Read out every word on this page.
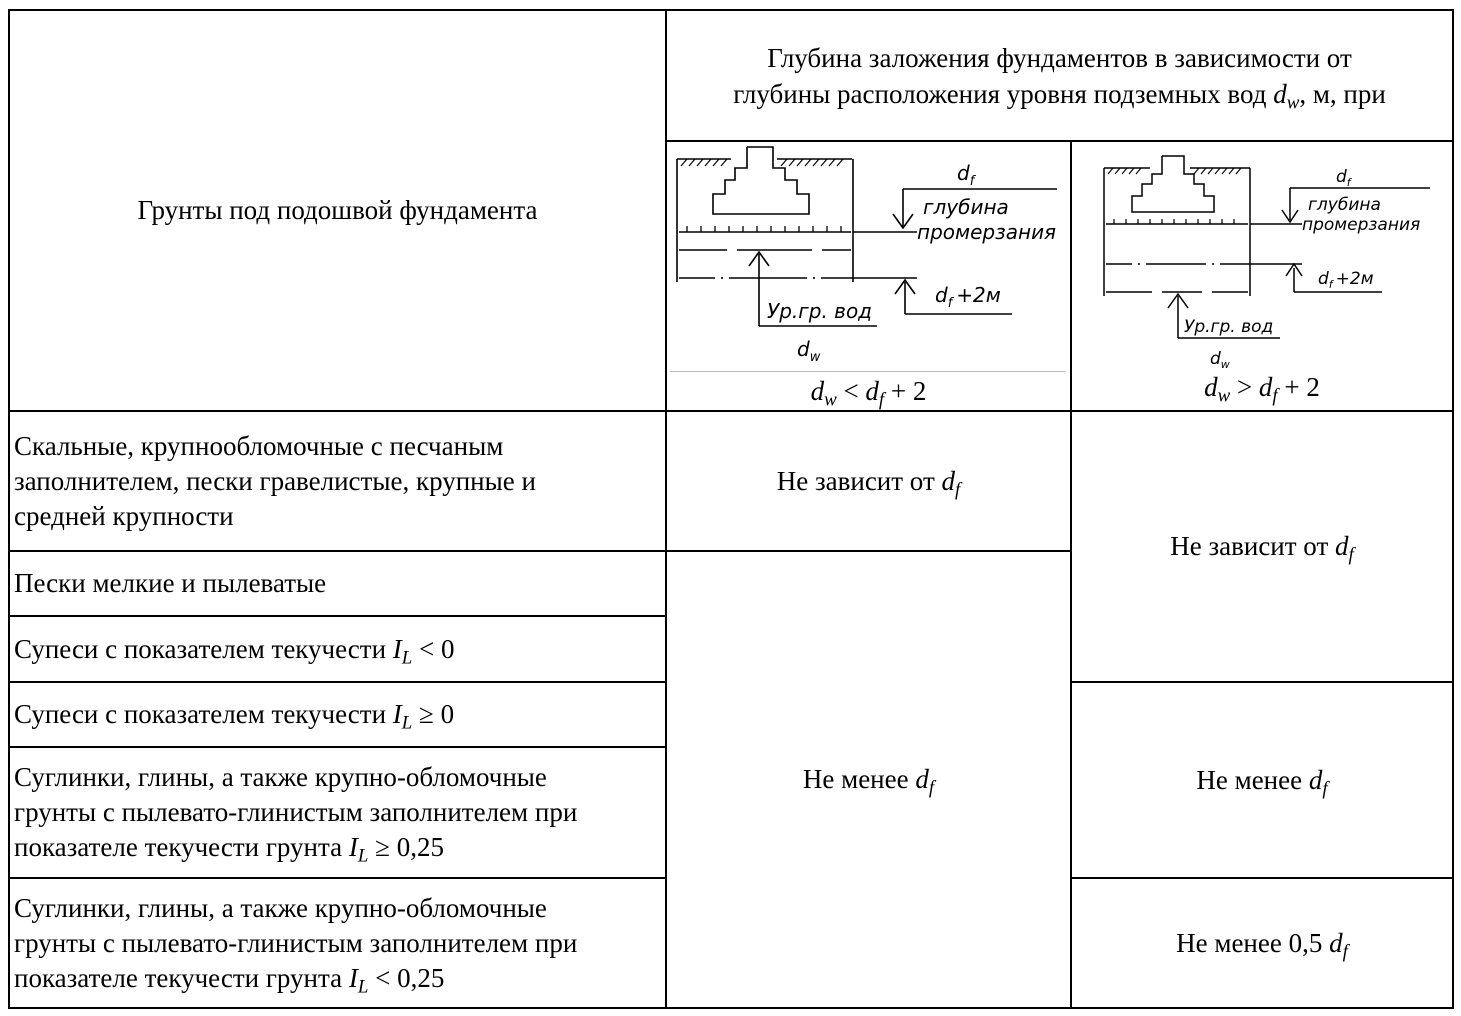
Грунты под подошвой фундамента
Глубина заложения фундаментов в зависимости от
глубины расположения уровня подземных вод $d_w$, м, при
$d_f$
глубина
промерзания
$d_f +2м$
Ур.гр. вод
$d_w$
$d_w < d_f + 2$
$d_f$
глубина
промерзания
$d_f +2м$
Ур.гр. вод
$d_w$
$d_w > d_f + 2$
Скальные, крупнообломочные с песчаным
заполнителем, пески гравелистые, крупные и
средней крупности
Пески мелкие и пылеватые
Супеси с показателем текучести $I_L < 0$
Супеси с показателем текучести $I_L \ge 0$
Суглинки, глины, а также крупно-обломочные
грунты с пылевато-глинистым заполнителем при
показателе текучести грунта $I_L \ge 0,25$
Суглинки, глины, а также крупно-обломочные
грунты с пылевато-глинистым заполнителем при
показателе текучести грунта $I_L < 0,25$
Не зависит от $d_f$
Не менее $d_f$
Не зависит от $d_f$
Не менее $d_f$
Не менее 0,5 $d_f$
